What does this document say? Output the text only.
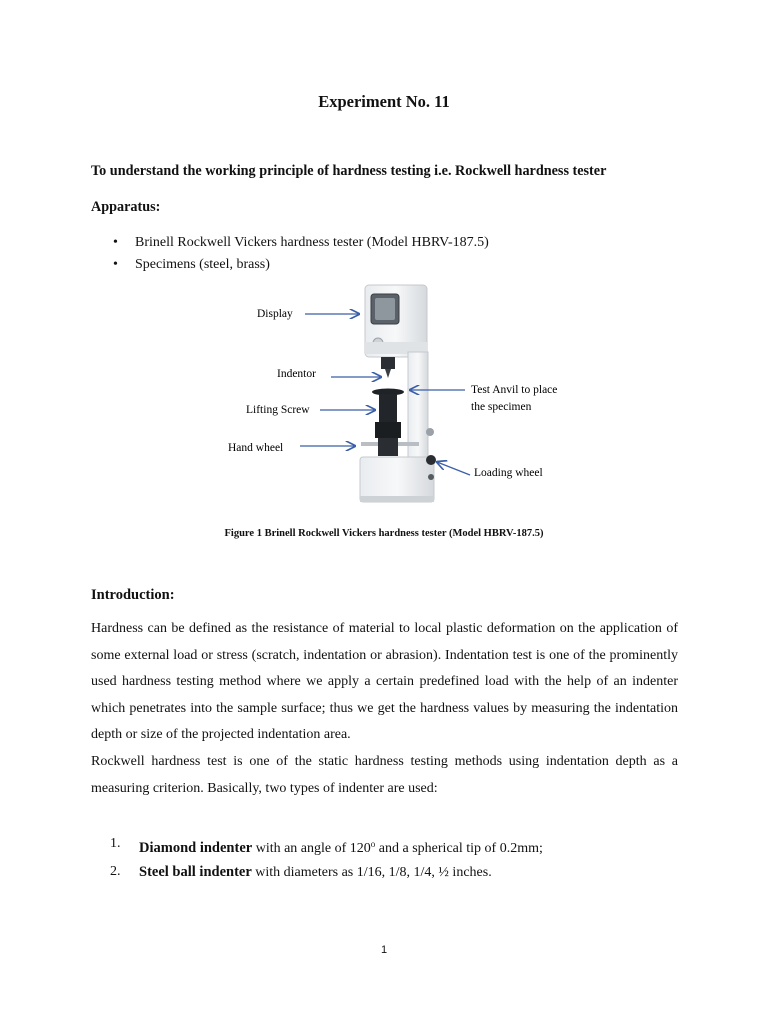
Experiment No. 11
To understand the working principle of hardness testing i.e. Rockwell hardness tester
Apparatus:
• Brinell Rockwell Vickers hardness tester (Model HBRV-187.5)
• Specimens (steel, brass)
Display
Indentor
Lifting Screw
Hand wheel
Test Anvil to place
the specimen
Loading wheel
Figure 1 Brinell Rockwell Vickers hardness tester (Model HBRV-187.5)
Introduction:

Hardness can be defined as the resistance of material to local plastic deformation on the application of some external load or stress (scratch, indentation or abrasion). Indentation test is one of the prominently used hardness testing method where we apply a certain predefined load with the help of an indenter which penetrates into the sample surface; thus we get the hardness values by measuring the indentation depth or size of the projected indentation area.

Rockwell hardness test is one of the static hardness testing methods using indentation depth as a measuring criterion. Basically, two types of indenter are used:

1. Diamond indenter with an angle of 120$^o$ and a spherical tip of 0.2mm;
2. Steel ball indenter with diameters as 1/16, 1/8, 1/4, ½ inches.
1
